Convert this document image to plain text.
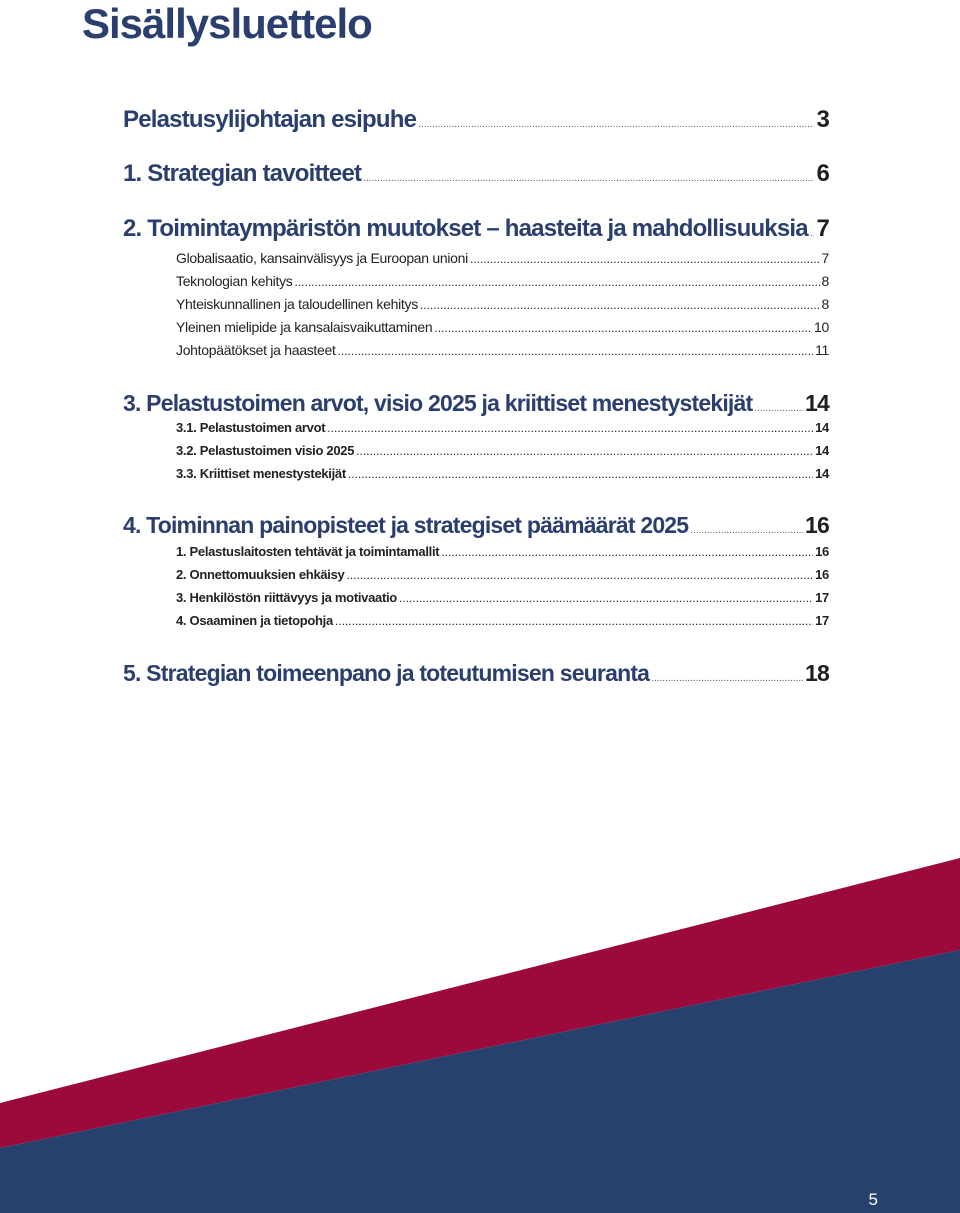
Sisällysluettelo
Pelastusylijohtajan esipuhe .....	3
1. Strategian tavoitteet .....	6
2. Toimintaympäristön muutokset – haasteita ja mahdollisuuksia ..... 7
Globalisaatio, kansainvälisyys ja Euroopan unioni .....	7
Teknologian kehitys .....	8
Yhteiskunnallinen ja taloudellinen kehitys .....	8
Yleinen mielipide ja kansalaisvaikuttaminen .....	10
Johtopäätökset ja haasteet .....	11
3. Pelastustoimen arvot, visio 2025 ja kriittiset menestystekijät ..... 14
3.1. Pelastustoimen arvot .....	14
3.2. Pelastustoimen visio 2025 .....	14
3.3. Kriittiset menestystekijät .....	14
4. Toiminnan painopisteet ja strategiset päämäärät 2025 .....	16
1. Pelastuslaitosten tehtävät ja toimintamallit .....	16
2. Onnettomuuksien ehkäisy .....	16
3. Henkilöstön riittävyys ja motivaatio .....	17
4. Osaaminen ja tietopohja .....	17
5. Strategian toimeenpano ja toteutumisen seuranta .....	18
5
